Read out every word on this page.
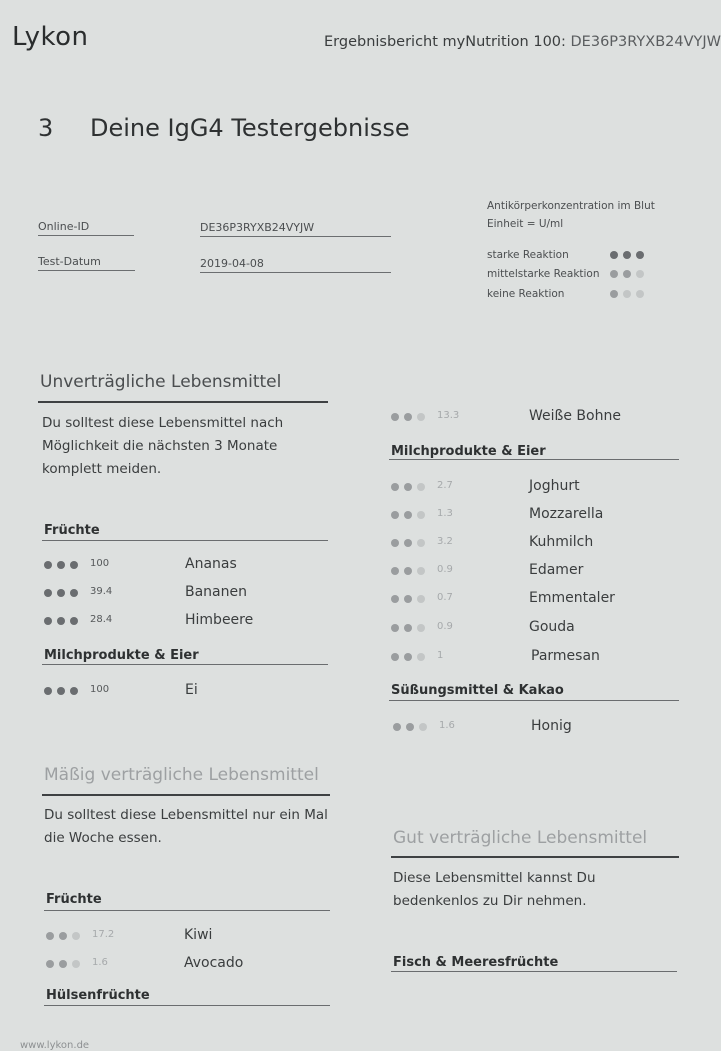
Lykon	Ergebnisbericht myNutrition 100: DE36P3RYXB24VYJW
3 Deine IgG4 Testergebnisse
Online-ID	DE36P3RYXB24VYJW
Test-Datum	2019-04-08
Antikörperkonzentration im Blut
Einheit = U/ml
starke Reaktion
mittelstarke Reaktion
keine Reaktion
Unverträgliche Lebensmittel
Du solltest diese Lebensmittel nach Möglichkeit die nächsten 3 Monate komplett meiden.
Früchte
100	Ananas
39.4	Bananen
28.4	Himbeere
Milchprodukte & Eier
100	Ei
Mäßig verträgliche Lebensmittel
Du solltest diese Lebensmittel nur ein Mal die Woche essen.
Früchte
17.2	Kiwi
1.6	Avocado
Hülsenfrüchte
13.3	Weiße Bohne
Milchprodukte & Eier
2.7	Joghurt
1.3	Mozzarella
3.2	Kuhmilch
0.9	Edamer
0.7	Emmentaler
0.9	Gouda
1	Parmesan
Süßungsmittel & Kakao
1.6	Honig
Gut verträgliche Lebensmittel
Diese Lebensmittel kannst Du bedenkenlos zu Dir nehmen.
Fisch & Meeresfrüchte
www.lykon.de
